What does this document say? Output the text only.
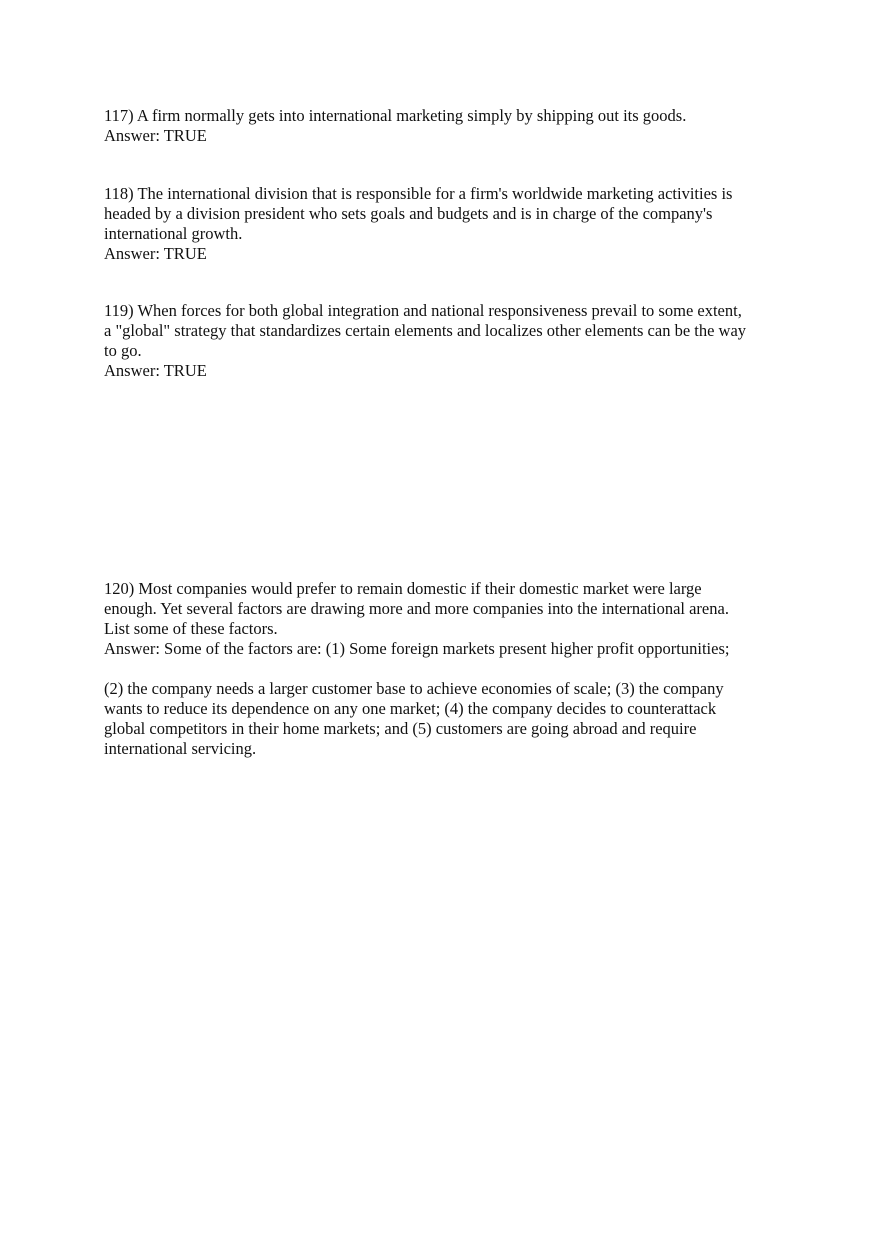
117) A firm normally gets into international marketing simply by shipping out its goods.
Answer: TRUE
118) The international division that is responsible for a firm's worldwide marketing activities is
headed by a division president who sets goals and budgets and is in charge of the company's
international growth.
Answer: TRUE
119) When forces for both global integration and national responsiveness prevail to some extent,
a "global" strategy that standardizes certain elements and localizes other elements can be the way
to go.
Answer: TRUE
120) Most companies would prefer to remain domestic if their domestic market were large
enough. Yet several factors are drawing more and more companies into the international arena.
List some of these factors.
Answer: Some of the factors are: (1) Some foreign markets present higher profit opportunities;
(2) the company needs a larger customer base to achieve economies of scale; (3) the company
wants to reduce its dependence on any one market; (4) the company decides to counterattack
global competitors in their home markets; and (5) customers are going abroad and require
international servicing.
